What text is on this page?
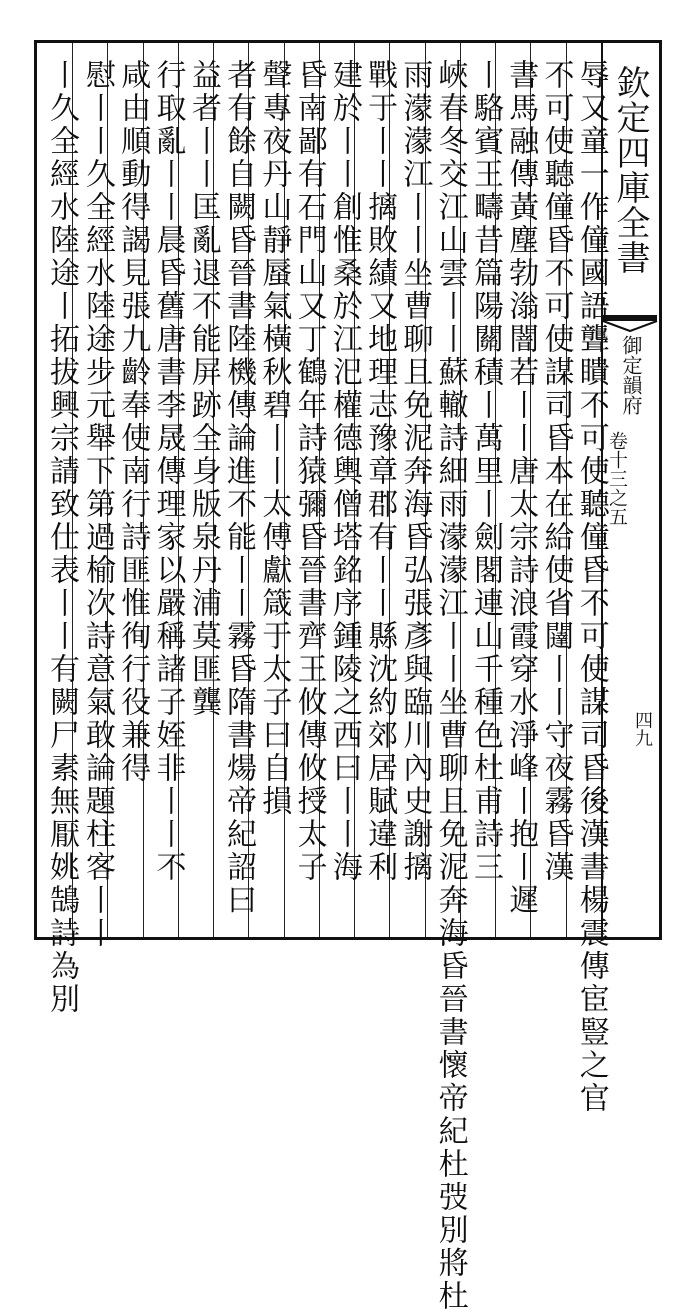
欽定四庫全書
御定韻府
卷十三之五
四九
辱又童一作僮國語聾瞶不可使聽僮昏不可使謀司昏後漢書楊震傳宦豎之官
不可使聽僮昏不可使謀司昏本在給使省闥丨丨守夜霧昏漢
書馬融傳黃塵勃滃闇若丨丨唐太宗詩浪霞穿水淨峰丨抱丨遲
丨駱賓王疇昔篇陽關積丨萬里丨劍閣連山千種色杜甫詩三
峽春冬交江山雲丨丨蘇轍詩細雨濛濛江丨丨坐曹聊且免泥奔海昏晉書懷帝紀杜弢別將杜
雨濛濛江丨丨坐曹聊且免泥奔海昏弘張彥與臨川內史謝摛
戰于丨丨摛敗績又地理志豫章郡有丨丨縣沈約郊居賦違利
建於丨丨創惟桑於江汜權德輿僧塔銘序鍾陵之西曰丨丨海
昏南鄙有石門山又丁鶴年詩猿彌昏晉書齊王攸傳攸授太子
聲專夜丹山靜蜃氣橫秋碧丨丨太傅獻箴于太子曰自損
者有餘自闕昏晉書陸機傳論進不能丨丨霧昏隋書煬帝紀詔曰
益者丨丨匡亂退不能屏跡全身版泉丹浦莫匪龔
行取亂丨丨晨昏舊唐書李晟傳理家以嚴稱諸子姪非丨丨不
咸由順動得謁見張九齡奉使南行詩匪惟徇行役兼得
慰丨丨久全經水陸途步元舉下第過榆次詩意氣敢論題柱客丨丨
丨久全經水陸途丨拓拔興宗請致仕表丨丨有闕尸素無厭姚鵠詩為別
